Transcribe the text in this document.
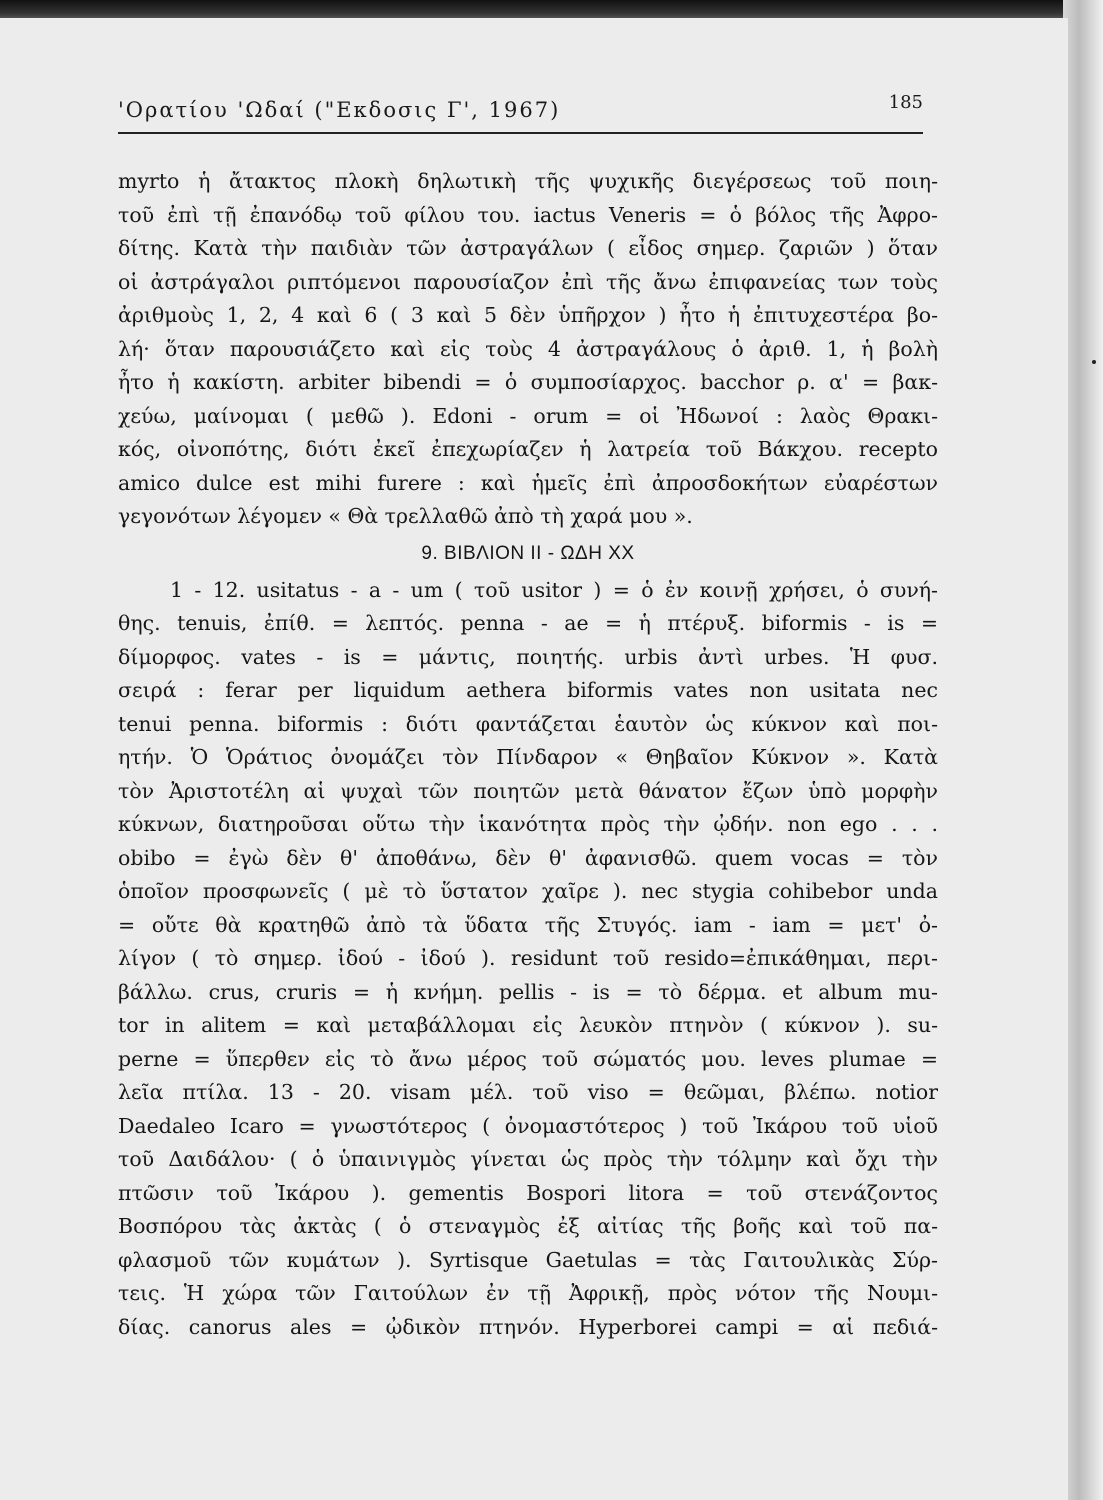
'Ορατίου 'Ωδαί ("Εκδοσις Γ', 1967)	185
myrto ἡ ἄτακτος πλοκὴ δηλωτικὴ τῆς ψυχικῆς διεγέρσεως τοῦ ποιη-
τοῦ ἐπὶ τῇ ἐπανόδῳ τοῦ φίλου του. iactus Veneris = ὁ βόλος τῆς Ἀφρο-
δίτης. Κατὰ τὴν παιδιὰν τῶν ἀστραγάλων ( εἶδος σημερ. ζαριῶν ) ὅταν
οἱ ἀστράγαλοι ριπτόμενοι παρουσίαζον ἐπὶ τῆς ἄνω ἐπιφανείας των τοὺς
ἀριθμοὺς 1, 2, 4 καὶ 6 ( 3 καὶ 5 δὲν ὑπῆρχον ) ἦτο ἡ ἐπιτυχεστέρα βο-
λή· ὅταν παρουσιάζετο καὶ εἰς τοὺς 4 ἀστραγάλους ὁ ἀριθ. 1, ἡ βολὴ
ἦτο ἡ κακίστη. arbiter bibendi = ὁ συμποσίαρχος. bacchor ρ. α' = βακ-
χεύω, μαίνομαι ( μεθῶ ). Edoni - orum = οἱ Ἠδωνοί : λαὸς Θρακι-
κός, οἰνοπότης, διότι ἐκεῖ ἐπεχωρίαζεν ἡ λατρεία τοῦ Βάκχου. recepto
amico dulce est mihi furere : καὶ ἡμεῖς ἐπὶ ἀπροσδοκήτων εὐαρέστων
γεγονότων λέγομεν « Θὰ τρελλαθῶ ἀπὸ τὴ χαρά μου ».
9. ΒΙΒΛΙΟΝ ΙΙ - ΩΔΗ ΧΧ
1 - 12. usitatus - a - um ( τοῦ usitor ) = ὁ ἐν κοινῇ χρήσει, ὁ συνή-
θης. tenuis, ἐπίθ. = λεπτός. penna - ae = ἡ πτέρυξ. biformis - is =
δίμορφος. vates - is = μάντις, ποιητής. urbis ἀντὶ urbes. Ἡ φυσ.
σειρά : ferar per liquidum aethera biformis vates non usitata nec
tenui penna. biformis : διότι φαντάζεται ἑαυτὸν ὡς κύκνον καὶ ποι-
ητήν. Ὁ Ὁράτιος ὀνομάζει τὸν Πίνδαρον « Θηβαῖον Κύκνον ». Κατὰ
τὸν Ἀριστοτέλη αἱ ψυχαὶ τῶν ποιητῶν μετὰ θάνατον ἔζων ὑπὸ μορφὴν
κύκνων, διατηροῦσαι οὕτω τὴν ἱκανότητα πρὸς τὴν ᾠδήν. non ego . . .
obibo = ἐγὼ δὲν θ' ἀποθάνω, δὲν θ' ἀφανισθῶ. quem vocas = τὸν
ὁποῖον προσφωνεῖς ( μὲ τὸ ὕστατον χαῖρε ). nec stygia cohibebor unda
= οὔτε θὰ κρατηθῶ ἀπὸ τὰ ὕδατα τῆς Στυγός. iam - iam = μετ' ὀ-
λίγον ( τὸ σημερ. ἰδού - ἰδού ). residunt τοῦ resido=ἐπικάθημαι, περι-
βάλλω. crus, cruris = ἡ κνήμη. pellis - is = τὸ δέρμα. et album mu-
tor in alitem = καὶ μεταβάλλομαι εἰς λευκὸν πτηνὸν ( κύκνον ). su-
perne = ὕπερθεν εἰς τὸ ἄνω μέρος τοῦ σώματός μου. leves plumae =
λεῖα πτίλα. 13 - 20. visam μέλ. τοῦ viso = θεῶμαι, βλέπω. notior
Daedaleo Icaro = γνωστότερος ( ὀνομαστότερος ) τοῦ Ἰκάρου τοῦ υἱοῦ
τοῦ Δαιδάλου· ( ὁ ὑπαινιγμὸς γίνεται ὡς πρὸς τὴν τόλμην καὶ ὄχι τὴν
πτῶσιν τοῦ Ἰκάρου ). gementis Bospori litora = τοῦ στενάζοντος
Βοσπόρου τὰς ἀκτὰς ( ὁ στεναγμὸς ἐξ αἰτίας τῆς βοῆς καὶ τοῦ πα-
φλασμοῦ τῶν κυμάτων ). Syrtisque Gaetulas = τὰς Γαιτουλικὰς Σύρ-
τεις. Ἡ χώρα τῶν Γαιτούλων ἐν τῇ Ἀφρικῇ, πρὸς νότον τῆς Νουμι-
δίας. canorus ales = ᾠδικὸν πτηνόν. Hyperborei campi = αἱ πεδιά-
